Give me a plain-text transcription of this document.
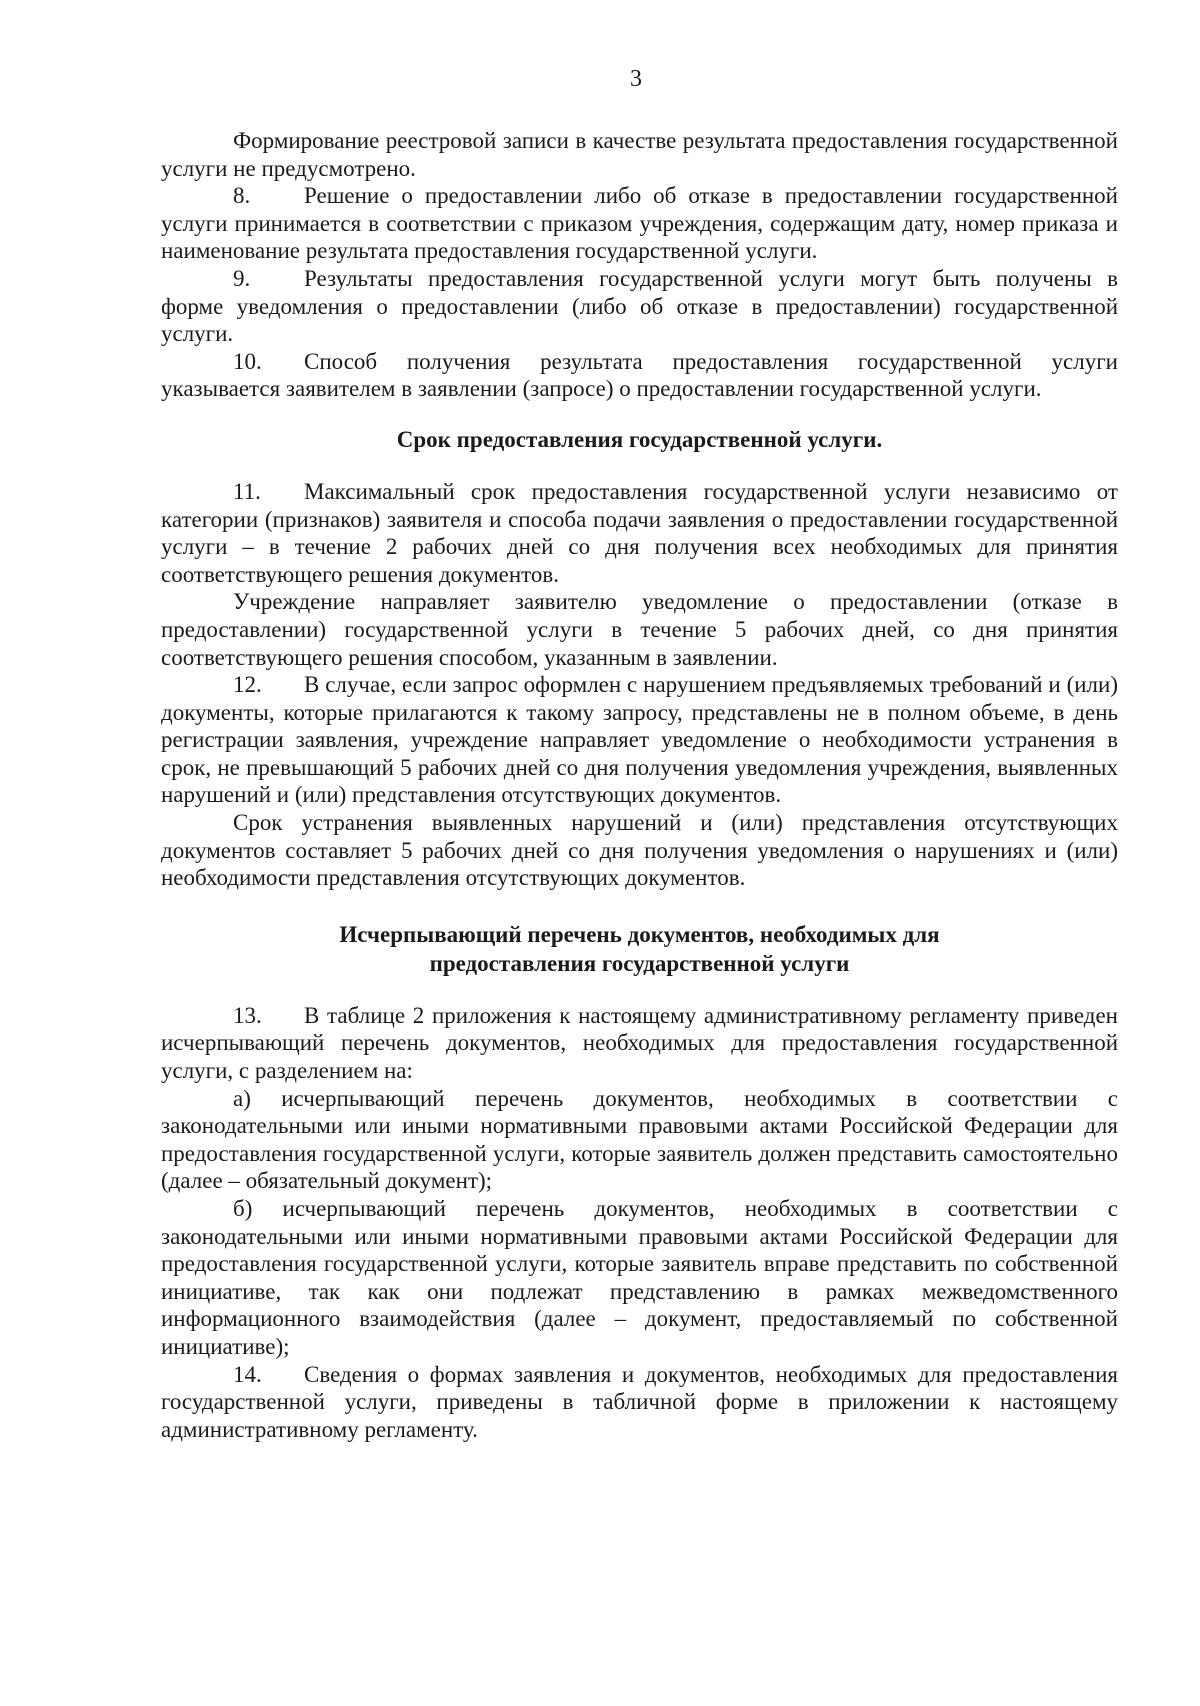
3

Формирование реестровой записи в качестве результата предоставления государственной услуги не предусмотрено.

8. Решение о предоставлении либо об отказе в предоставлении государственной услуги принимается в соответствии с приказом учреждения, содержащим дату, номер приказа и наименование результата предоставления государственной услуги.

9. Результаты предоставления государственной услуги могут быть получены в форме уведомления о предоставлении (либо об отказе в предоставлении) государственной услуги.

10. Способ получения результата предоставления государственной услуги указывается заявителем в заявлении (запросе) о предоставлении государственной услуги.

Срок предоставления государственной услуги.

11. Максимальный срок предоставления государственной услуги независимо от категории (признаков) заявителя и способа подачи заявления о предоставлении государственной услуги – в течение 2 рабочих дней со дня получения всех необходимых для принятия соответствующего решения документов.

Учреждение направляет заявителю уведомление о предоставлении (отказе в предоставлении) государственной услуги в течение 5 рабочих дней, со дня принятия соответствующего решения способом, указанным в заявлении.

12. В случае, если запрос оформлен с нарушением предъявляемых требований и (или) документы, которые прилагаются к такому запросу, представлены не в полном объеме, в день регистрации заявления, учреждение направляет уведомление о необходимости устранения в срок, не превышающий 5 рабочих дней со дня получения уведомления учреждения, выявленных нарушений и (или) представления отсутствующих документов.

Срок устранения выявленных нарушений и (или) представления отсутствующих документов составляет 5 рабочих дней со дня получения уведомления о нарушениях и (или) необходимости представления отсутствующих документов.

Исчерпывающий перечень документов, необходимых для
предоставления государственной услуги

13. В таблице 2 приложения к настоящему административному регламенту приведен исчерпывающий перечень документов, необходимых для предоставления государственной услуги, с разделением на:

а) исчерпывающий перечень документов, необходимых в соответствии с законодательными или иными нормативными правовыми актами Российской Федерации для предоставления государственной услуги, которые заявитель должен представить самостоятельно (далее – обязательный документ);

б) исчерпывающий перечень документов, необходимых в соответствии с законодательными или иными нормативными правовыми актами Российской Федерации для предоставления государственной услуги, которые заявитель вправе представить по собственной инициативе, так как они подлежат представлению в рамках межведомственного информационного взаимодействия (далее – документ, предоставляемый по собственной инициативе);

14. Сведения о формах заявления и документов, необходимых для предоставления государственной услуги, приведены в табличной форме в приложении к настоящему административному регламенту.
